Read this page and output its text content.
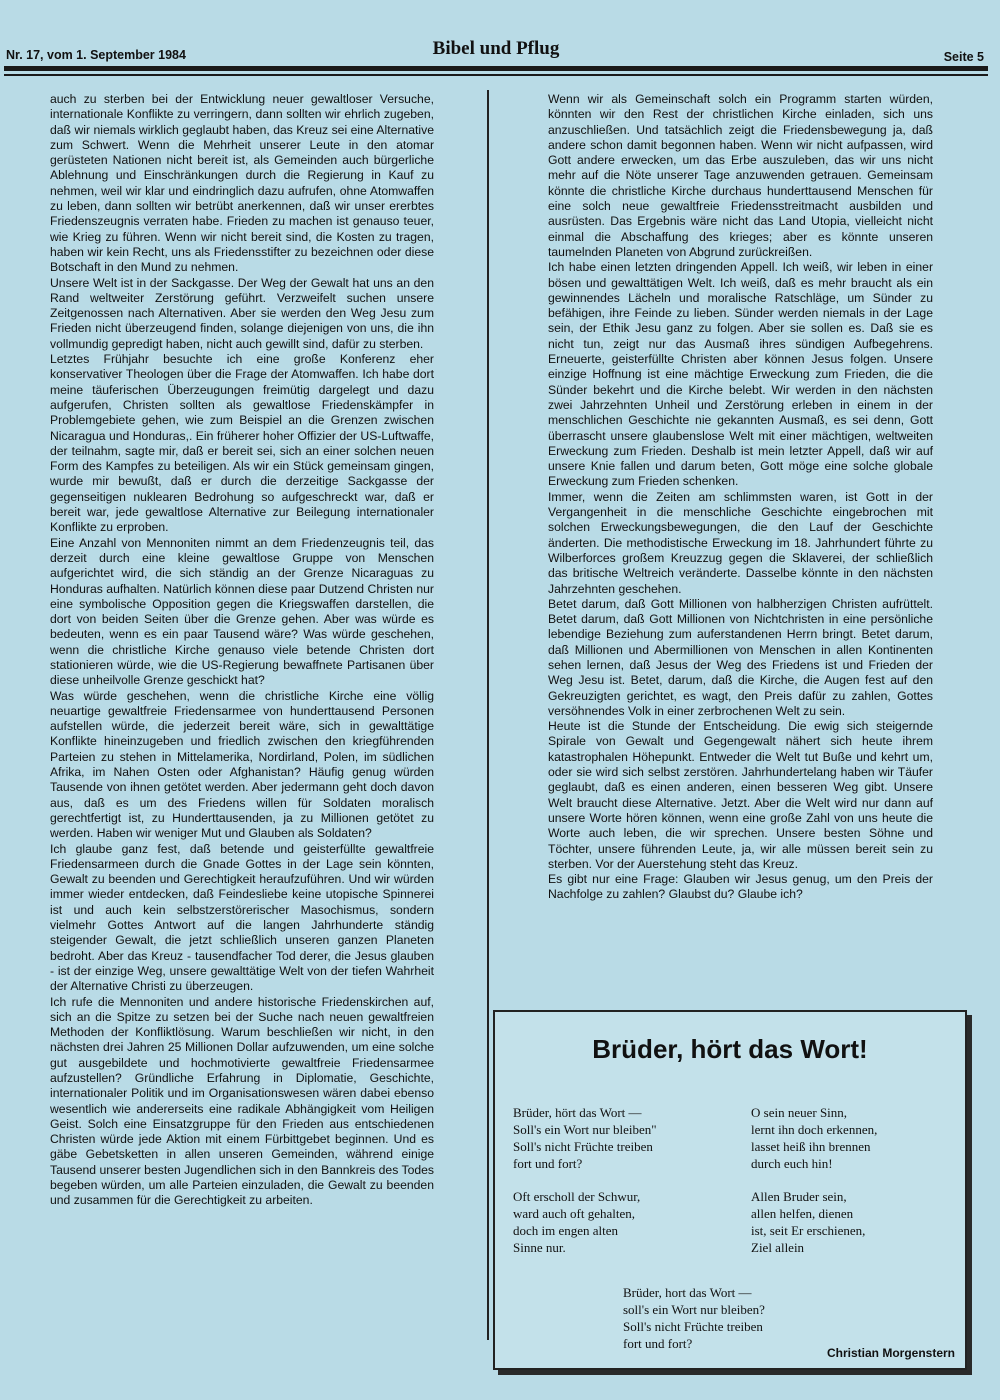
Nr. 17, vom 1. September 1984	Bibel und Pflug	Seite 5

auch zu sterben bei der Entwicklung neuer gewaltloser Versuche, internationale Konflikte zu verringern, dann sollten wir ehrlich zugeben, daß wir niemals wirklich geglaubt haben, das Kreuz sei eine Alternative zum Schwert. Wenn die Mehrheit unserer Leute in den atomar gerüsteten Nationen nicht bereit ist, als Gemeinden auch bürgerliche Ablehnung und Einschränkungen durch die Regierung in Kauf zu nehmen, weil wir klar und eindringlich dazu aufrufen, ohne Atomwaffen zu leben, dann sollten wir betrübt anerkennen, daß wir unser ererbtes Friedenszeugnis verraten habe. Frieden zu machen ist genauso teuer, wie Krieg zu führen. Wenn wir nicht bereit sind, die Kosten zu tragen, haben wir kein Recht, uns als Friedensstifter zu bezeichnen oder diese Botschaft in den Mund zu nehmen.

Unsere Welt ist in der Sackgasse. Der Weg der Gewalt hat uns an den Rand weltweiter Zerstörung geführt. Verzweifelt suchen unsere Zeitgenossen nach Alternativen. Aber sie werden den Weg Jesu zum Frieden nicht überzeugend finden, solange diejenigen von uns, die ihn vollmundig gepredigt haben, nicht auch gewillt sind, dafür zu sterben.

Letztes Frühjahr besuchte ich eine große Konferenz eher konservativer Theologen über die Frage der Atomwaffen. Ich habe dort meine täuferischen Überzeugungen freimütig dargelegt und dazu aufgerufen, Christen sollten als gewaltlose Friedenskämpfer in Problemgebiete gehen, wie zum Beispiel an die Grenzen zwischen Nicaragua und Honduras,. Ein früherer hoher Offizier der US-Luftwaffe, der teilnahm, sagte mir, daß er bereit sei, sich an einer solchen neuen Form des Kampfes zu beteiligen. Als wir ein Stück gemeinsam gingen, wurde mir bewußt, daß er durch die derzeitige Sackgasse der gegenseitigen nuklearen Bedrohung so aufgeschreckt war, daß er bereit war, jede gewaltlose Alternative zur Beilegung internationaler Konflikte zu erproben.

Eine Anzahl von Mennoniten nimmt an dem Friedenzeugnis teil, das derzeit durch eine kleine gewaltlose Gruppe von Menschen aufgerichtet wird, die sich ständig an der Grenze Nicaraguas zu Honduras aufhalten. Natürlich können diese paar Dutzend Christen nur eine symbolische Opposition gegen die Kriegswaffen darstellen, die dort von beiden Seiten über die Grenze gehen. Aber was würde es bedeuten, wenn es ein paar Tausend wäre? Was würde geschehen, wenn die christliche Kirche genauso viele betende Christen dort stationieren würde, wie die US-Regierung bewaffnete Partisanen über diese unheilvolle Grenze geschickt hat?

Was würde geschehen, wenn die christliche Kirche eine völlig neuartige gewaltfreie Friedensarmee von hunderttausend Personen aufstellen würde, die jederzeit bereit wäre, sich in gewalttätige Konflikte hineinzugeben und friedlich zwischen den kriegführenden Parteien zu stehen in Mittelamerika, Nordirland, Polen, im südlichen Afrika, im Nahen Osten oder Afghanistan? Häufig genug würden Tausende von ihnen getötet werden. Aber jedermann geht doch davon aus, daß es um des Friedens willen für Soldaten moralisch gerechtfertigt ist, zu Hunderttausenden, ja zu Millionen getötet zu werden. Haben wir weniger Mut und Glauben als Soldaten?

Ich glaube ganz fest, daß betende und geisterfüllte gewaltfreie Friedensarmeen durch die Gnade Gottes in der Lage sein könnten, Gewalt zu beenden und Gerechtigkeit heraufzuführen. Und wir würden immer wieder entdecken, daß Feindesliebe keine utopische Spinnerei ist und auch kein selbstzerstörerischer Masochismus, sondern vielmehr Gottes Antwort auf die langen Jahrhunderte ständig steigender Gewalt, die jetzt schließlich unseren ganzen Planeten bedroht. Aber das Kreuz - tausendfacher Tod derer, die Jesus glauben - ist der einzige Weg, unsere gewalttätige Welt von der tiefen Wahrheit der Alternative Christi zu überzeugen.

Ich rufe die Mennoniten und andere historische Friedenskirchen auf, sich an die Spitze zu setzen bei der Suche nach neuen gewaltfreien Methoden der Konfliktlösung. Warum beschließen wir nicht, in den nächsten drei Jahren 25 Millionen Dollar aufzuwenden, um eine solche gut ausgebildete und hochmotivierte gewaltfreie Friedensarmee aufzustellen? Gründliche Erfahrung in Diplomatie, Geschichte, internationaler Politik und im Organisationswesen wären dabei ebenso wesentlich wie andererseits eine radikale Abhängigkeit vom Heiligen Geist. Solch eine Einsatzgruppe für den Frieden aus entschiedenen Christen würde jede Aktion mit einem Fürbittgebet beginnen. Und es gäbe Gebetsketten in allen unseren Gemeinden, während einige Tausend unserer besten Jugendlichen sich in den Bannkreis des Todes begeben würden, um alle Parteien einzuladen, die Gewalt zu beenden und zusammen für die Gerechtigkeit zu arbeiten.

Wenn wir als Gemeinschaft solch ein Programm starten würden, könnten wir den Rest der christlichen Kirche einladen, sich uns anzuschließen. Und tatsächlich zeigt die Friedensbewegung ja, daß andere schon damit begonnen haben. Wenn wir nicht aufpassen, wird Gott andere erwecken, um das Erbe auszuleben, das wir uns nicht mehr auf die Nöte unserer Tage anzuwenden getrauen. Gemeinsam könnte die christliche Kirche durchaus hunderttausend Menschen für eine solch neue gewaltfreie Friedensstreitmacht ausbilden und ausrüsten. Das Ergebnis wäre nicht das Land Utopia, vielleicht nicht einmal die Abschaffung des krieges; aber es könnte unseren taumelnden Planeten von Abgrund zurückreißen.

Ich habe einen letzten dringenden Appell. Ich weiß, wir leben in einer bösen und gewalttätigen Welt. Ich weiß, daß es mehr braucht als ein gewinnendes Lächeln und moralische Ratschläge, um Sünder zu befähigen, ihre Feinde zu lieben. Sünder werden niemals in der Lage sein, der Ethik Jesu ganz zu folgen. Aber sie sollen es. Daß sie es nicht tun, zeigt nur das Ausmaß ihres sündigen Aufbegehrens. Erneuerte, geisterfüllte Christen aber können Jesus folgen. Unsere einzige Hoffnung ist eine mächtige Erweckung zum Frieden, die die Sünder bekehrt und die Kirche belebt. Wir werden in den nächsten zwei Jahrzehnten Unheil und Zerstörung erleben in einem in der menschlichen Geschichte nie gekannten Ausmaß, es sei denn, Gott überrascht unsere glaubenslose Welt mit einer mächtigen, weltweiten Erweckung zum Frieden. Deshalb ist mein letzter Appell, daß wir auf unsere Knie fallen und darum beten, Gott möge eine solche globale Erweckung zum Frieden schenken.

Immer, wenn die Zeiten am schlimmsten waren, ist Gott in der Vergangenheit in die menschliche Geschichte eingebrochen mit solchen Erweckungsbewegungen, die den Lauf der Geschichte änderten. Die methodistische Erweckung im 18. Jahrhundert führte zu Wilberforces großem Kreuzzug gegen die Sklaverei, der schließlich das britische Weltreich veränderte. Dasselbe könnte in den nächsten Jahrzehnten geschehen.

Betet darum, daß Gott Millionen von halbherzigen Christen aufrüttelt. Betet darum, daß Gott Millionen von Nichtchristen in eine persönliche lebendige Beziehung zum auferstandenen Herrn bringt. Betet darum, daß Millionen und Abermillionen von Menschen in allen Kontinenten sehen lernen, daß Jesus der Weg des Friedens ist und Frieden der Weg Jesu ist. Betet, darum, daß die Kirche, die Augen fest auf den Gekreuzigten gerichtet, es wagt, den Preis dafür zu zahlen, Gottes versöhnendes Volk in einer zerbrochenen Welt zu sein.

Heute ist die Stunde der Entscheidung. Die ewig sich steigernde Spirale von Gewalt und Gegengewalt nähert sich heute ihrem katastrophalen Höhepunkt. Entweder die Welt tut Buße und kehrt um, oder sie wird sich selbst zerstören. Jahrhundertelang haben wir Täufer geglaubt, daß es einen anderen, einen besseren Weg gibt. Unsere Welt braucht diese Alternative. Jetzt. Aber die Welt wird nur dann auf unsere Worte hören können, wenn eine große Zahl von uns heute die Worte auch leben, die wir sprechen. Unsere besten Söhne und Töchter, unsere führenden Leute, ja, wir alle müssen bereit sein zu sterben. Vor der Auerstehung steht das Kreuz.

Es gibt nur eine Frage: Glauben wir Jesus genug, um den Preis der Nachfolge zu zahlen? Glaubst du? Glaube ich?

Brüder, hört das Wort!
Brüder, hört das Wort —
Soll's ein Wort nur bleiben"
Soll's nicht Früchte treiben
fort und fort?
O sein neuer Sinn,
lernt ihn doch erkennen,
lasset heiß ihn brennen
durch euch hin!
Oft erscholl der Schwur,
ward auch oft gehalten,
doch im engen alten
Sinne nur.
Allen Bruder sein,
allen helfen, dienen
ist, seit Er erschienen,
Ziel allein
Brüder, hort das Wort —
soll's ein Wort nur bleiben?
Soll's nicht Früchte treiben
fort und fort?
Christian Morgenstern
